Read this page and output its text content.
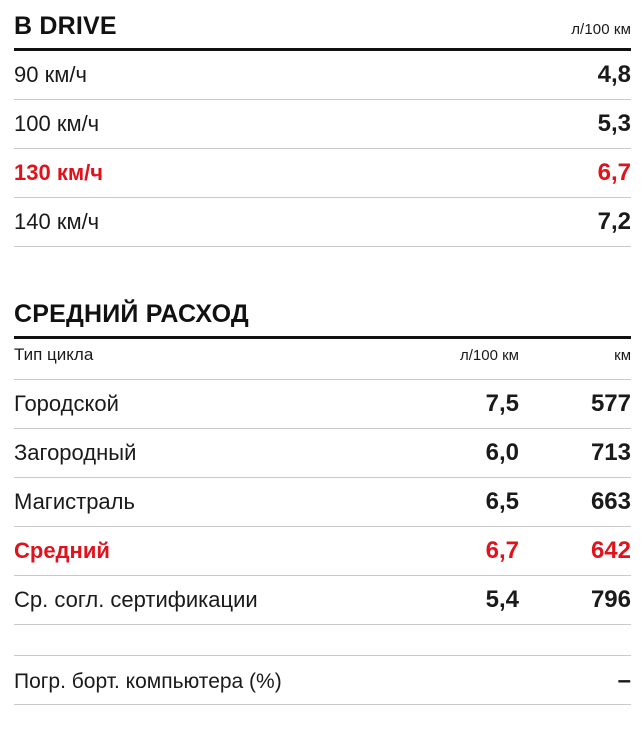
B DRIVE	л/100 км
90 км/ч	4,8
100 км/ч	5,3
130 км/ч	6,7
140 км/ч	7,2
СРЕДНИЙ РАСХОД
Тип цикла	л/100 км	км
Городской	7,5	577
Загородный	6,0	713
Магистраль	6,5	663
Средний	6,7	642
Ср. согл. сертификации	5,4	796
Погр. борт. компьютера (%)	–
